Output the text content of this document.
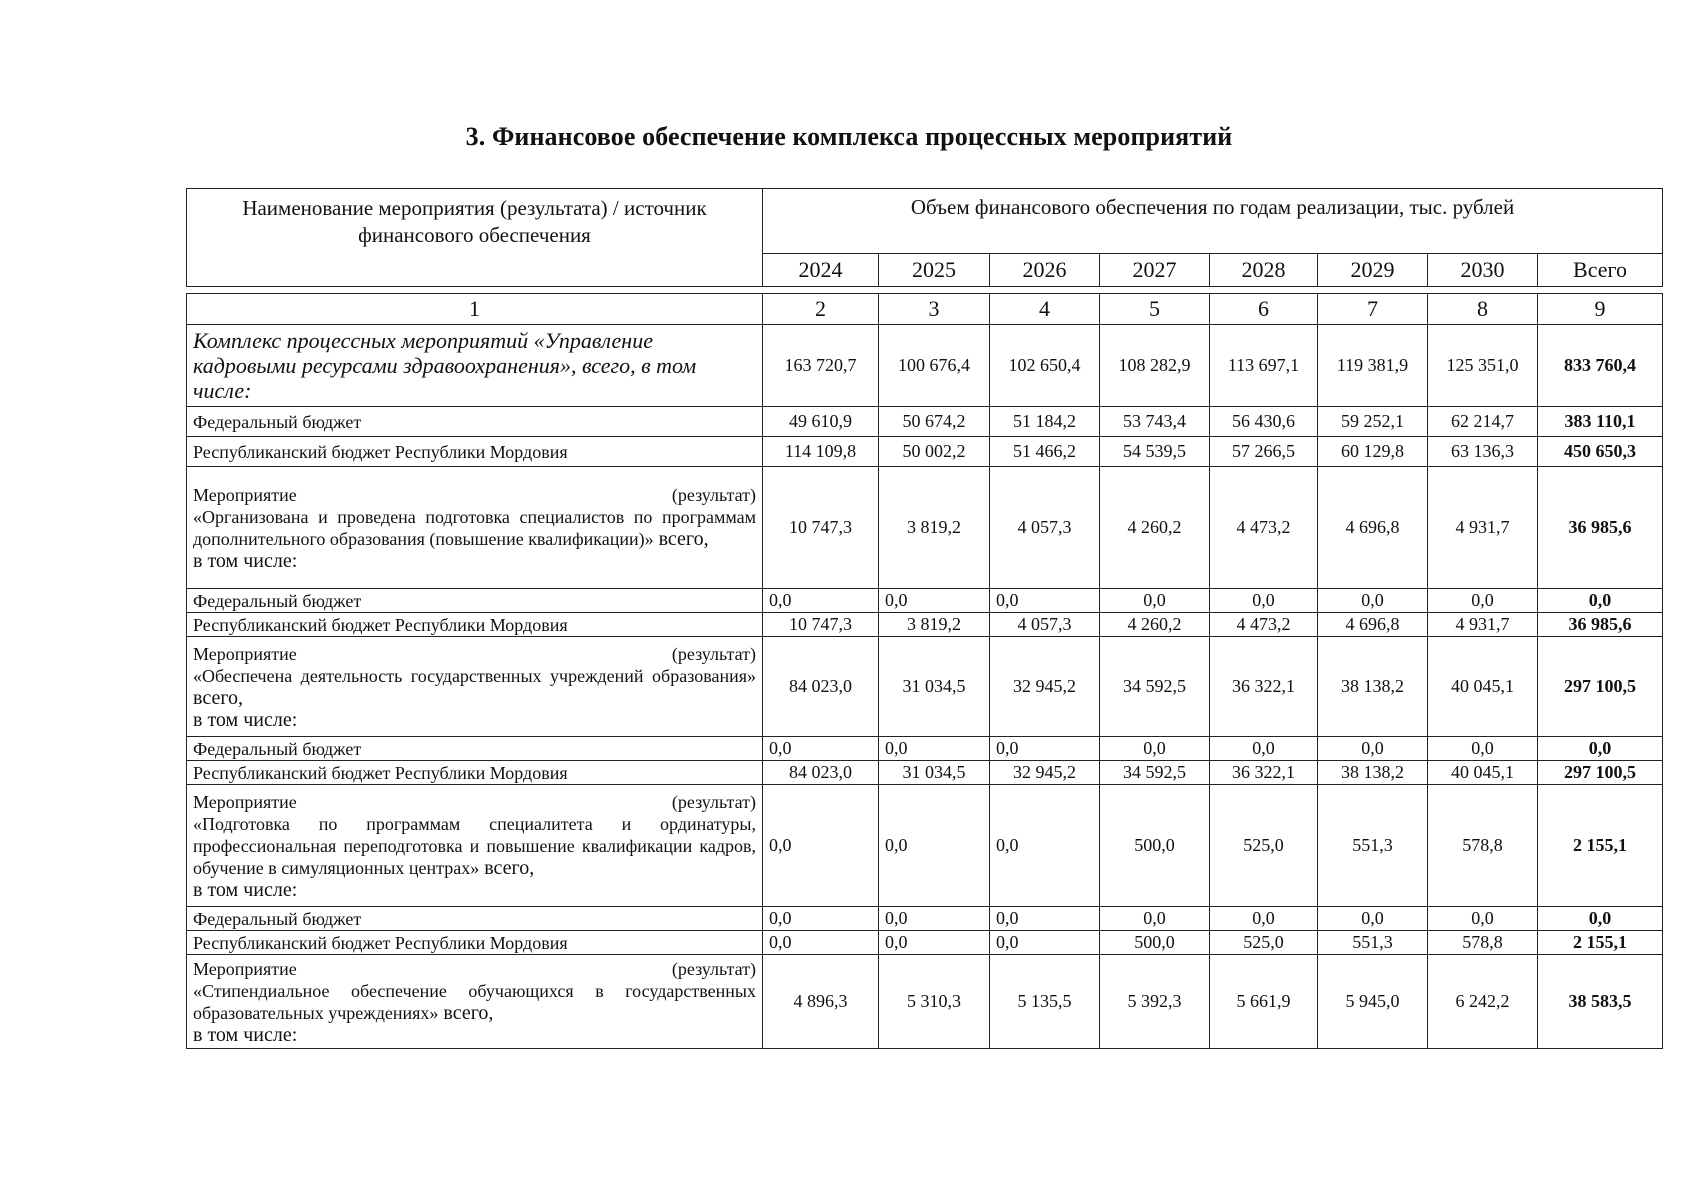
3. Финансовое обеспечение комплекса процессных мероприятий
Наименование мероприятия (результата) / источник финансового обеспечения	Объем финансового обеспечения по годам реализации, тыс. рублей							
	2024	2025	2026	2027	2028	2029	2030	Всего

1	2	3	4	5	6	7	8	9
Комплекс процессных мероприятий «Управление кадровыми ресурсами здравоохранения», всего, в том числе:	163 720,7	100 676,4	102 650,4	108 282,9	113 697,1	119 381,9	125 351,0	833 760,4
Федеральный бюджет	49 610,9	50 674,2	51 184,2	53 743,4	56 430,6	59 252,1	62 214,7	383 110,1
Республиканский бюджет Республики Мордовия	114 109,8	50 002,2	51 466,2	54 539,5	57 266,5	60 129,8	63 136,3	450 650,3

Мероприятие (результат)
«Организована и проведена подготовка специалистов по программам дополнительного образования (повышение квалификации)» всего,
в том числе:	10 747,3	3 819,2	4 057,3	4 260,2	4 473,2	4 696,8	4 931,7	36 985,6
Федеральный бюджет	0,0	0,0	0,0	0,0	0,0	0,0	0,0	0,0
Республиканский бюджет Республики Мордовия	10 747,3	3 819,2	4 057,3	4 260,2	4 473,2	4 696,8	4 931,7	36 985,6

Мероприятие (результат)
«Обеспечена деятельность государственных учреждений образования» всего,
в том числе:	84 023,0	31 034,5	32 945,2	34 592,5	36 322,1	38 138,2	40 045,1	297 100,5
Федеральный бюджет	0,0	0,0	0,0	0,0	0,0	0,0	0,0	0,0
Республиканский бюджет Республики Мордовия	84 023,0	31 034,5	32 945,2	34 592,5	36 322,1	38 138,2	40 045,1	297 100,5

Мероприятие (результат)
«Подготовка по программам специалитета и ординатуры, профессиональная переподготовка и повышение квалификации кадров, обучение в симуляционных центрах» всего,
в том числе:	0,0	0,0	0,0	500,0	525,0	551,3	578,8	2 155,1
Федеральный бюджет	0,0	0,0	0,0	0,0	0,0	0,0	0,0	0,0
Республиканский бюджет Республики Мордовия	0,0	0,0	0,0	500,0	525,0	551,3	578,8	2 155,1

Мероприятие (результат)
«Стипендиальное обеспечение обучающихся в государственных образовательных учреждениях» всего,
в том числе:	4 896,3	5 310,3	5 135,5	5 392,3	5 661,9	5 945,0	6 242,2	38 583,5
